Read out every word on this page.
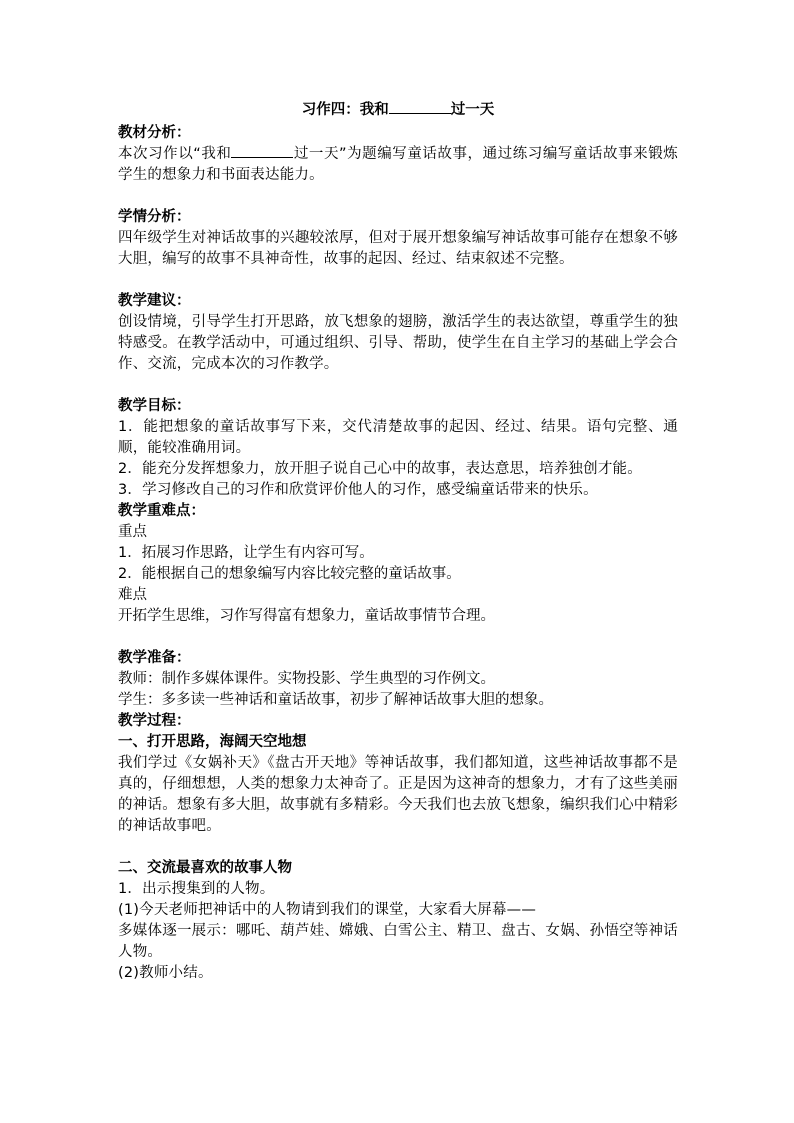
习作四：我和	过一天
教材分析：

本次习作以“我和	过一天”为题编写童话故事，通过练习编写童话故事来锻炼学生的想象力和书面表达能力。

学情分析：

四年级学生对神话故事的兴趣较浓厚，但对于展开想象编写神话故事可能存在想象不够大胆，编写的故事不具神奇性，故事的起因、经过、结束叙述不完整。

教学建议：

创设情境，引导学生打开思路，放飞想象的翅膀，激活学生的表达欲望，尊重学生的独特感受。在教学活动中，可通过组织、引导、帮助，使学生在自主学习的基础上学会合作、交流，完成本次的习作教学。

教学目标：

1．能把想象的童话故事写下来，交代清楚故事的起因、经过、结果。语句完整、通顺，能较准确用词。

2．能充分发挥想象力，放开胆子说自己心中的故事，表达意思，培养独创才能。

3．学习修改自己的习作和欣赏评价他人的习作，感受编童话带来的快乐。

教学重难点：

重点

1．拓展习作思路，让学生有内容可写。

2．能根据自己的想象编写内容比较完整的童话故事。

难点

开拓学生思维，习作写得富有想象力，童话故事情节合理。

教学准备：

教师：制作多媒体课件。实物投影、学生典型的习作例文。

学生：多多读一些神话和童话故事，初步了解神话故事大胆的想象。

教学过程：
一、打开思路，海阔天空地想

我们学过《女娲补天》《盘古开天地》等神话故事，我们都知道，这些神话故事都不是真的，仔细想想，人类的想象力太神奇了。正是因为这神奇的想象力，才有了这些美丽的神话。想象有多大胆，故事就有多精彩。今天我们也去放飞想象，编织我们心中精彩的神话故事吧。

二、交流最喜欢的故事人物

1．出示搜集到的人物。

(1)今天老师把神话中的人物请到我们的课堂，大家看大屏幕——

多媒体逐一展示：哪吒、葫芦娃、嫦娥、白雪公主、精卫、盘古、女娲、孙悟空等神话人物。

(2)教师小结。
